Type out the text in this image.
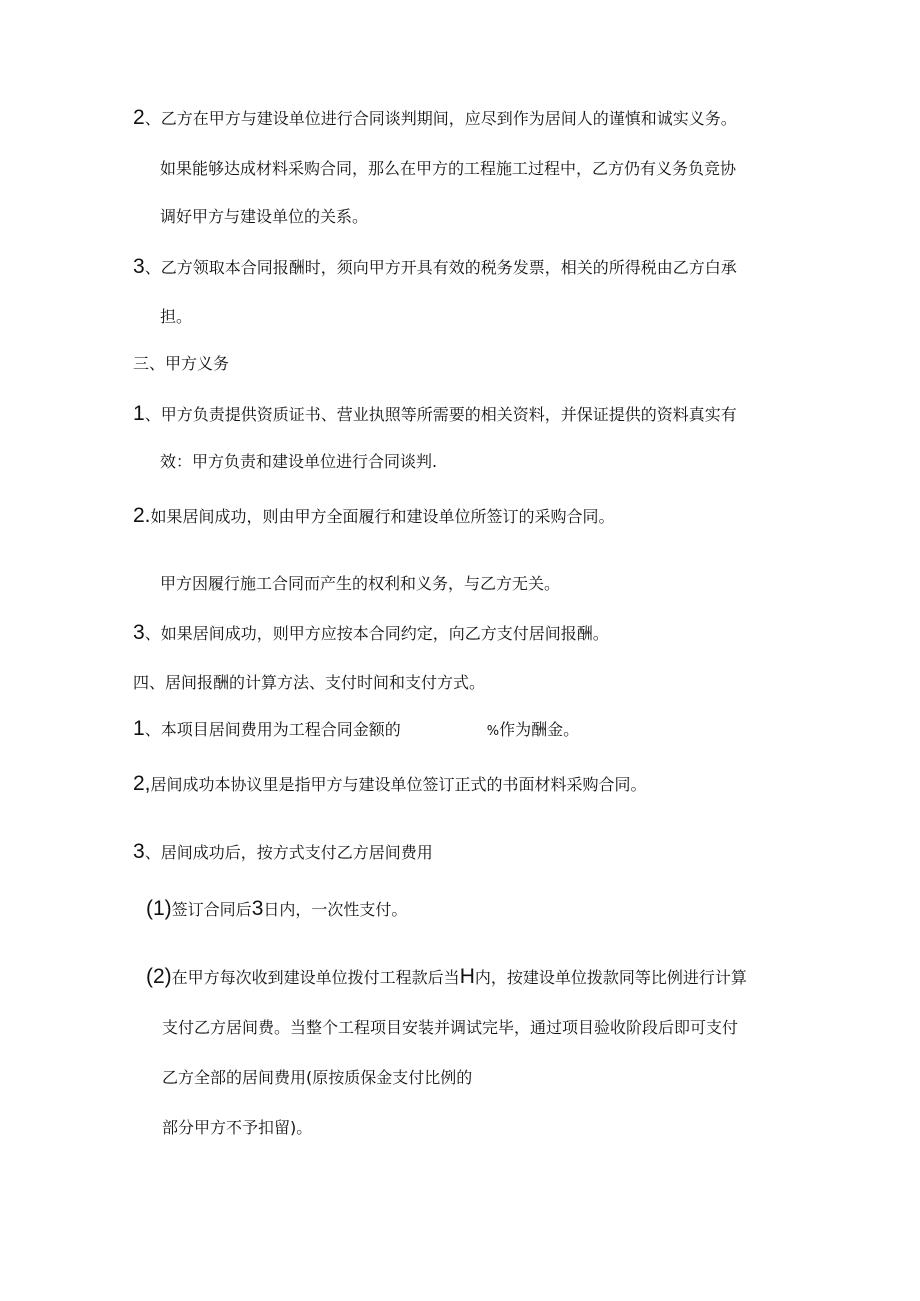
2、乙方在甲方与建设单位进行合同谈判期间，应尽到作为居间人的谨慎和诚实义务。
如果能够达成材料采购合同，那么在甲方的工程施工过程中，乙方仍有义务负竞协
调好甲方与建设单位的关系。
3、乙方领取本合同报酬时，须向甲方开具有效的税务发票，相关的所得税由乙方白承
担。
三、甲方义务
1、甲方负责提供资质证书、营业执照等所需要的相关资料，并保证提供的资料真实有
效：甲方负责和建设单位进行合同谈判.
2.如果居间成功，则由甲方全面履行和建设单位所签订的采购合同。
甲方因履行施工合同而产生的权利和义务，与乙方无关。
3、如果居间成功，则甲方应按本合同约定，向乙方支付居间报酬。
四、居间报酬的计算方法、支付时间和支付方式。
1、本项目居间费用为工程合同金额的	%作为酬金。
2,居间成功本协议里是指甲方与建设单位签订正式的书面材料采购合同。
3、居间成功后，按方式支付乙方居间费用
(1)签订合同后3日内，一次性支付。
(2)在甲方每次收到建设单位拨付工程款后当H内，按建设单位拨款同等比例进行计算
支付乙方居间费。当整个工程项目安装并调试完毕，通过项目验收阶段后即可支付
乙方全部的居间费用(原按质保金支付比例的
部分甲方不予扣留)。
